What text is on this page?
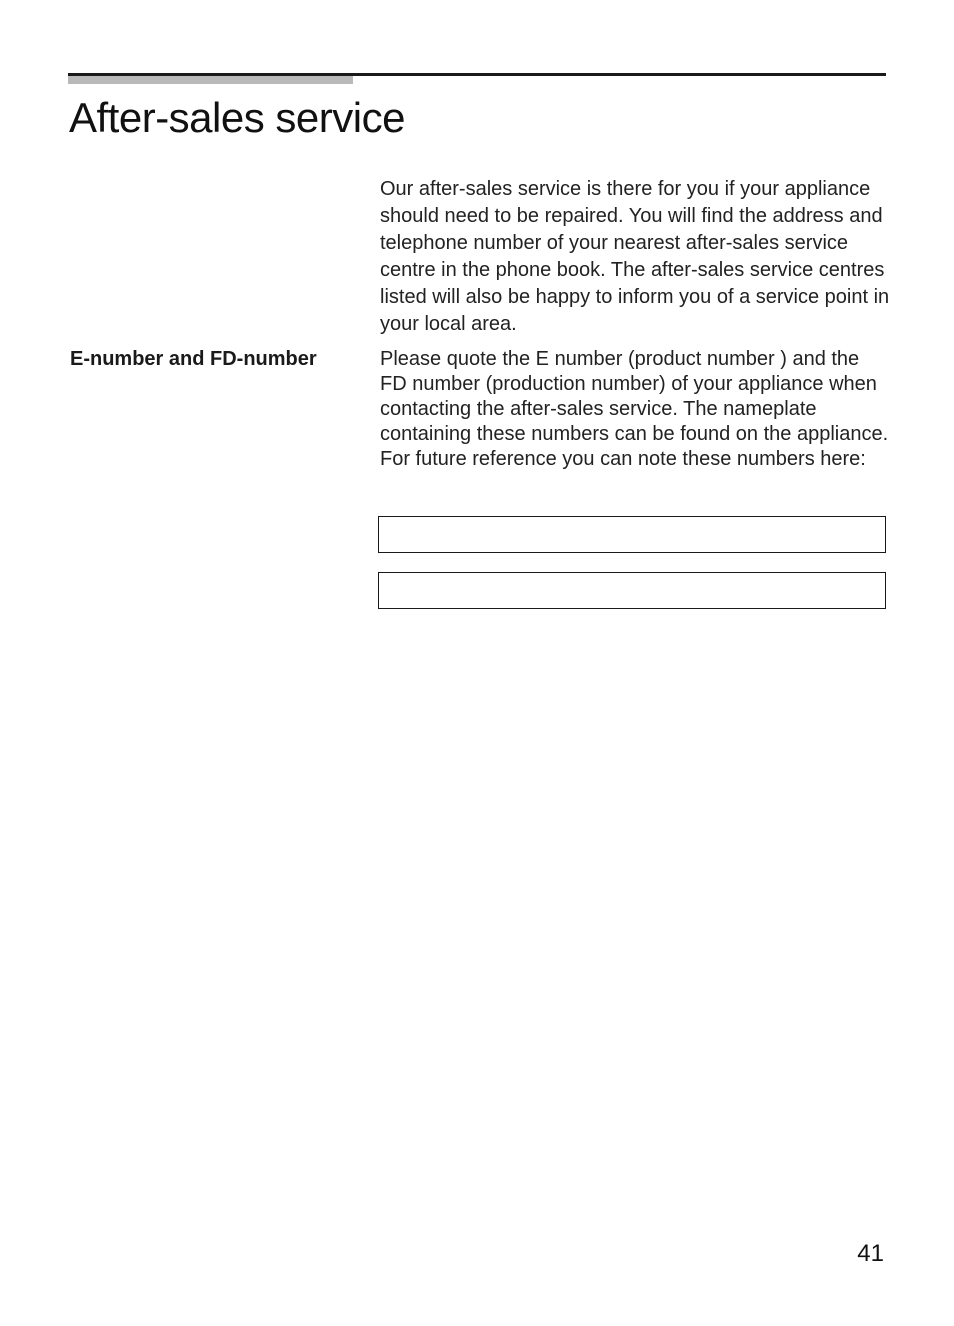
After-sales service

Our after-sales service is there for you if your appliance should need to be repaired. You will find the address and telephone number of your nearest after-sales service centre in the phone book. The after-sales service centres listed will also be happy to inform you of a service point in your local area.

E-number and FD-number	Please quote the E number (product number ) and the FD number (production number) of your appliance when contacting the after-sales service. The nameplate containing these numbers can be found on the appliance. For future reference you can note these numbers here:

41
